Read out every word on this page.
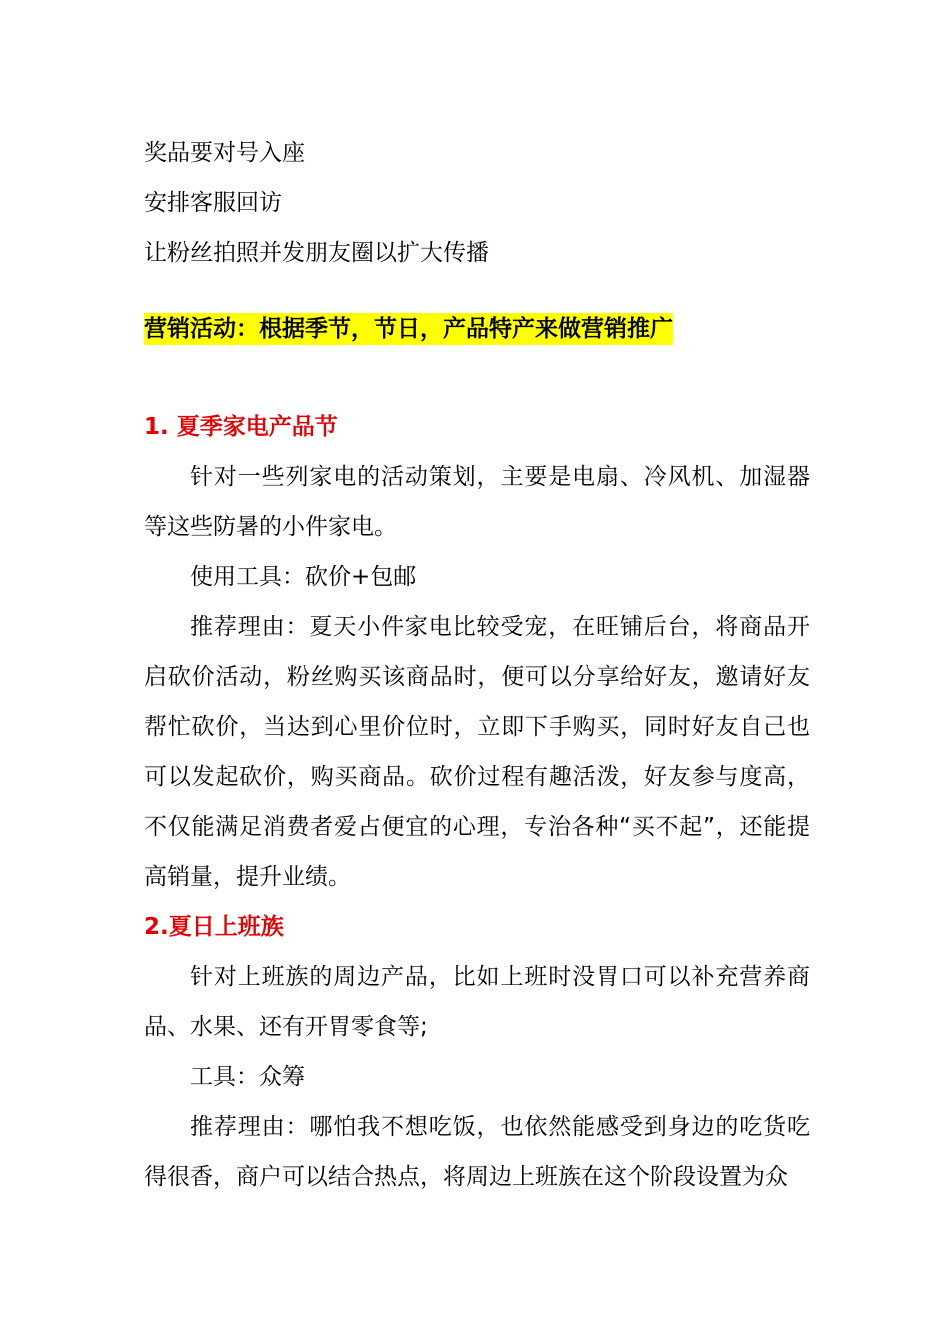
奖品要对号入座
安排客服回访
让粉丝拍照并发朋友圈以扩大传播
营销活动：根据季节，节日，产品特产来做营销推广
1. 夏季家电产品节

针对一些列家电的活动策划，主要是电扇、冷风机、加湿器等这些防暑的小件家电。

使用工具：砍价+包邮

推荐理由：夏天小件家电比较受宠，在旺铺后台，将商品开启砍价活动，粉丝购买该商品时，便可以分享给好友，邀请好友帮忙砍价，当达到心里价位时，立即下手购买，同时好友自己也可以发起砍价，购买商品。砍价过程有趣活泼，好友参与度高，不仅能满足消费者爱占便宜的心理，专治各种“买不起”，还能提高销量，提升业绩。

2.夏日上班族

针对上班族的周边产品，比如上班时没胃口可以补充营养商品、水果、还有开胃零食等;

工具：众筹

推荐理由：哪怕我不想吃饭，也依然能感受到身边的吃货吃得很香，商户可以结合热点，将周边上班族在这个阶段设置为众
